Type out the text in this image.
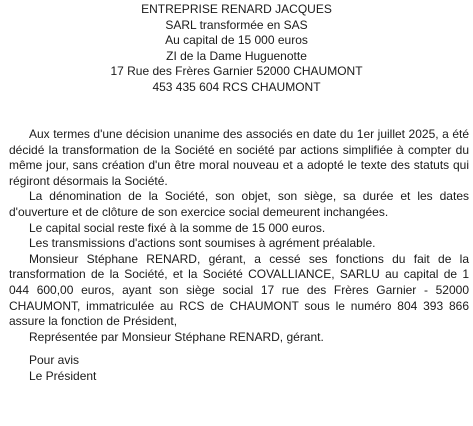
ENTREPRISE RENARD JACQUES
SARL transformée en SAS
Au capital de 15 000 euros
ZI de la Dame Huguenotte
17 Rue des Frères Garnier 52000 CHAUMONT
453 435 604 RCS CHAUMONT

Aux termes d'une décision unanime des associés en date du 1er juillet 2025, a été décidé la transformation de la Société en société par actions simplifiée à compter du même jour, sans création d'un être moral nouveau et a adopté le texte des statuts qui régiront désormais la Société.

La dénomination de la Société, son objet, son siège, sa durée et les dates d'ouverture et de clôture de son exercice social demeurent inchangées.

Le capital social reste fixé à la somme de 15 000 euros.

Les transmissions d'actions sont soumises à agrément préalable.

Monsieur Stéphane RENARD, gérant, a cessé ses fonctions du fait de la transformation de la Société, et la Société COVALLIANCE, SARLU au capital de 1 044 600,00 euros, ayant son siège social 17 rue des Frères Garnier - 52000 CHAUMONT, immatriculée au RCS de CHAUMONT sous le numéro 804 393 866 assure la fonction de Président,

Représentée par Monsieur Stéphane RENARD, gérant.

Pour avis
Le Président
